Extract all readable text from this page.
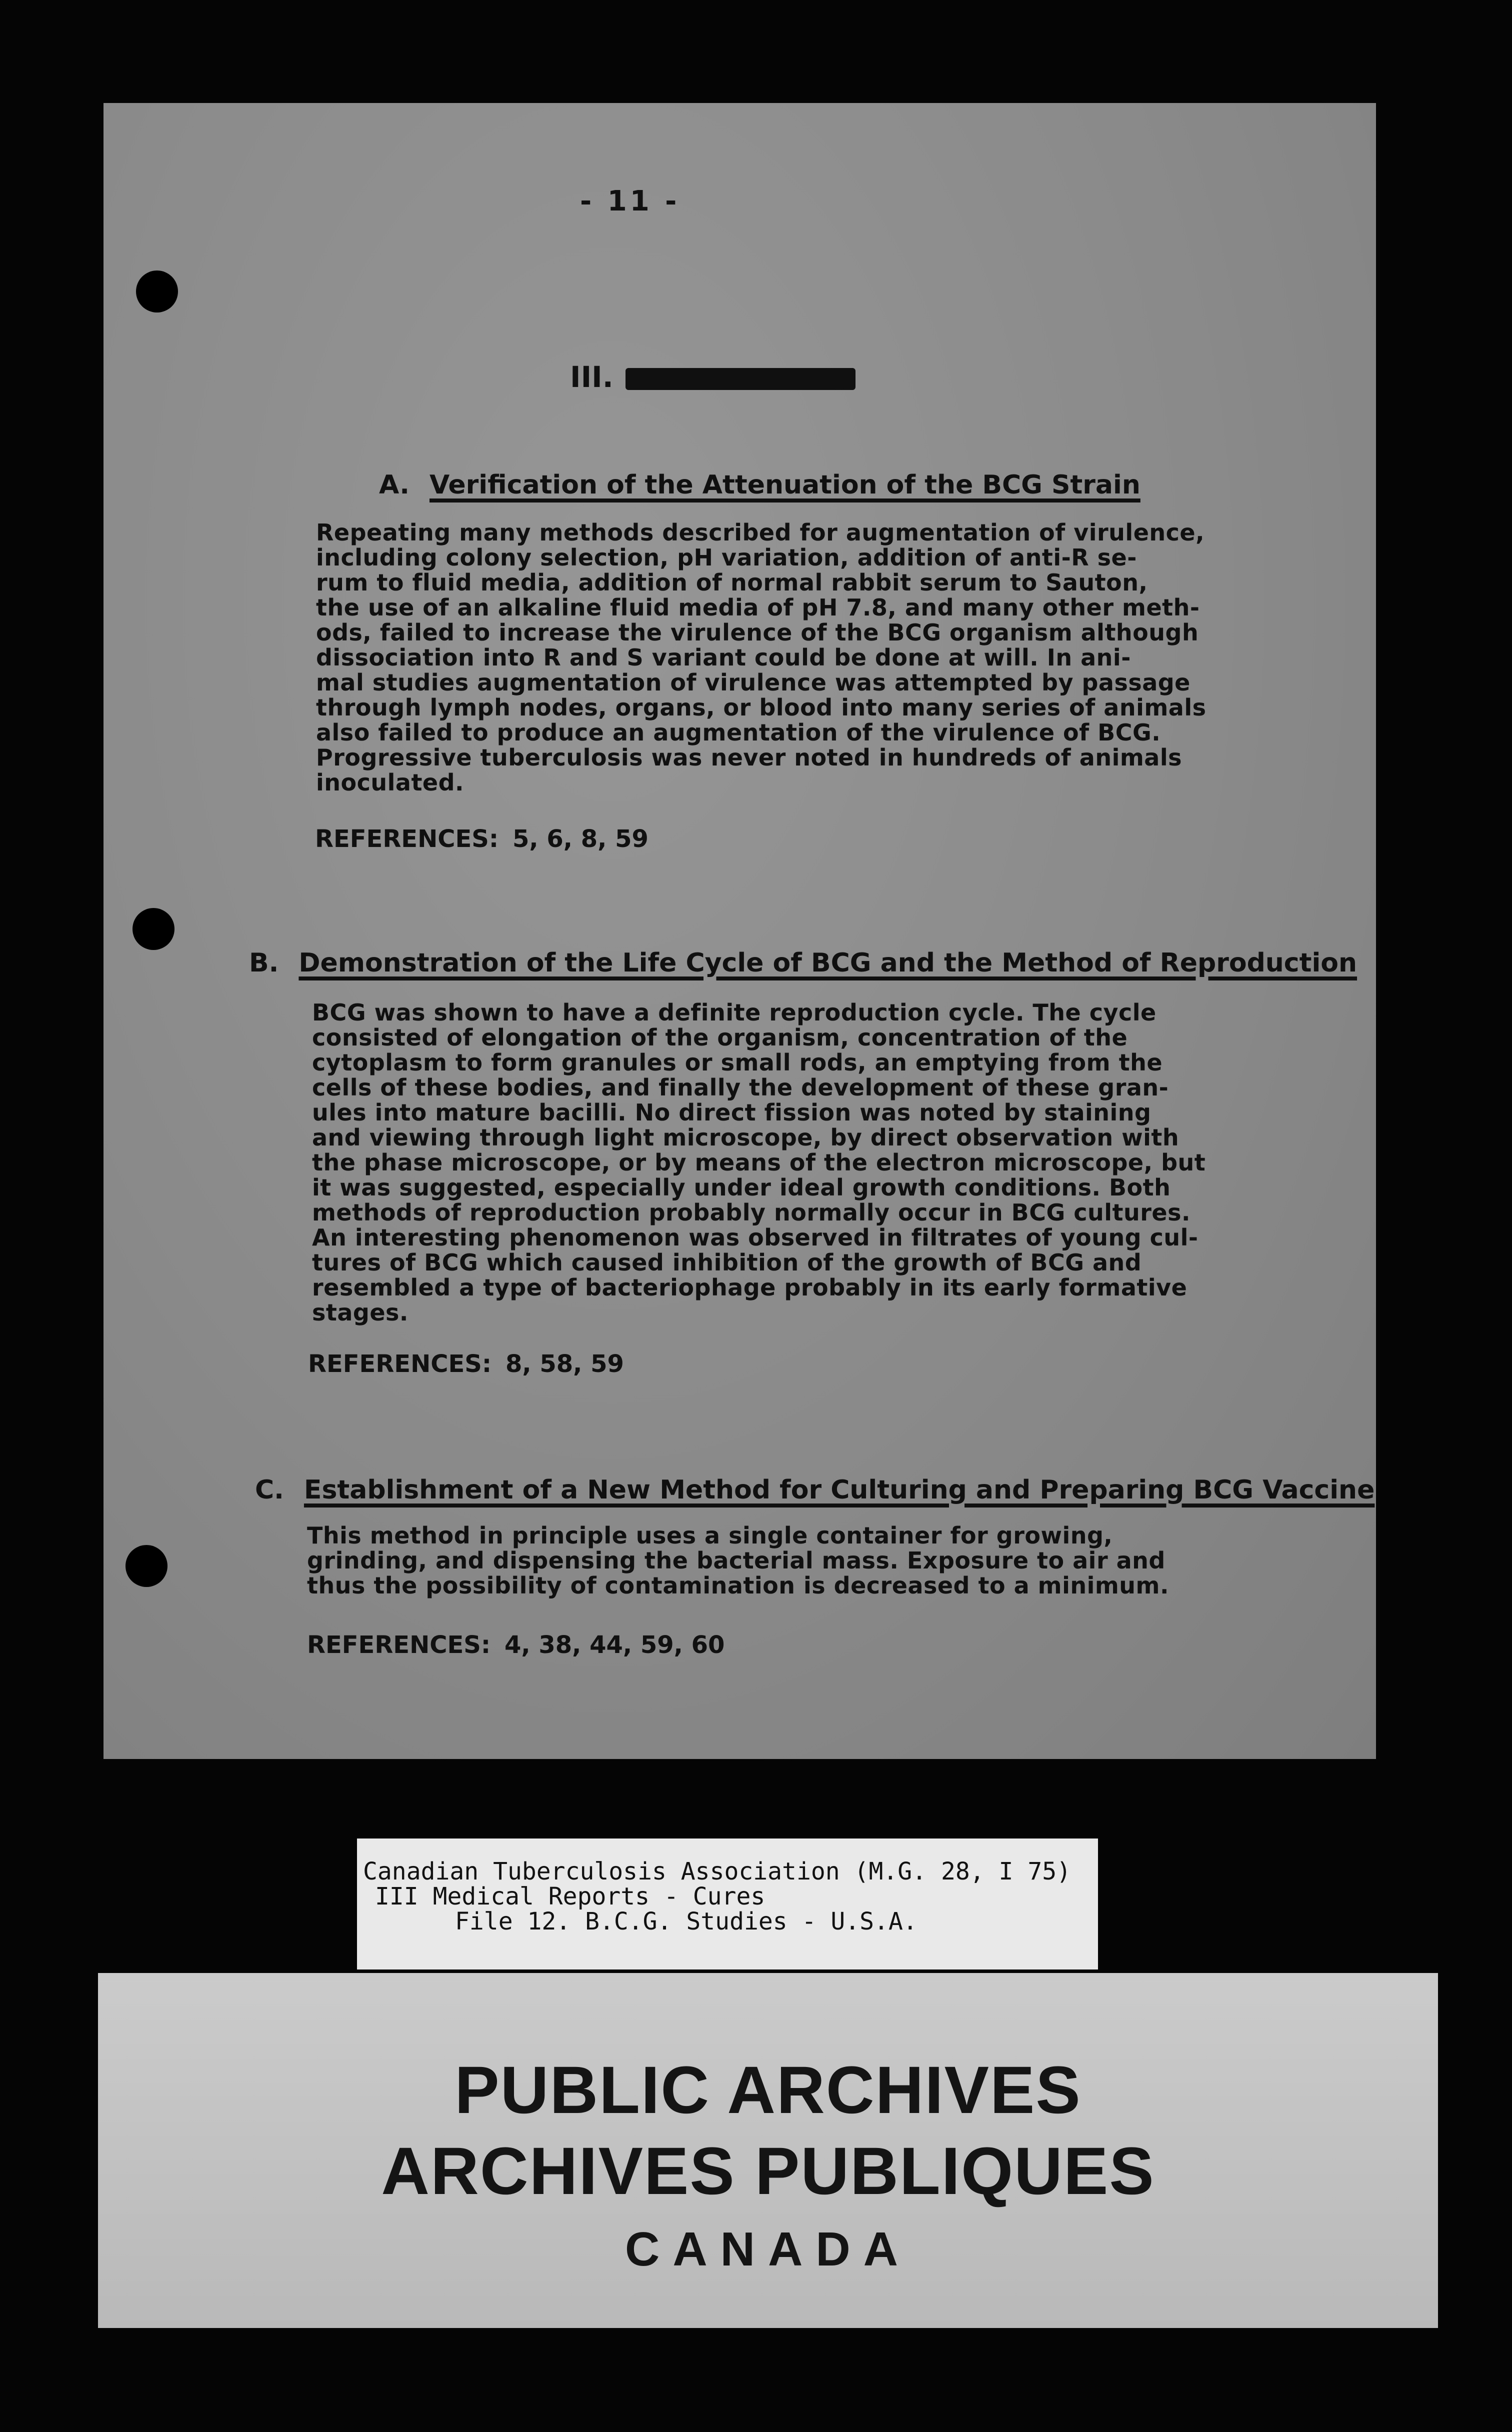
- 11 -
III.
A. Verification of the Attenuation of the BCG Strain
Repeating many methods described for augmentation of virulence,
including colony selection, pH variation, addition of anti-R se-
rum to fluid media, addition of normal rabbit serum to Sauton,
the use of an alkaline fluid media of pH 7.8, and many other meth-
ods, failed to increase the virulence of the BCG organism although
dissociation into R and S variant could be done at will. In ani-
mal studies augmentation of virulence was attempted by passage
through lymph nodes, organs, or blood into many series of animals
also failed to produce an augmentation of the virulence of BCG.
Progressive tuberculosis was never noted in hundreds of animals
inoculated.
REFERENCES: 5, 6, 8, 59
B. Demonstration of the Life Cycle of BCG and the Method of Reproduction
BCG was shown to have a definite reproduction cycle. The cycle
consisted of elongation of the organism, concentration of the
cytoplasm to form granules or small rods, an emptying from the
cells of these bodies, and finally the development of these gran-
ules into mature bacilli. No direct fission was noted by staining
and viewing through light microscope, by direct observation with
the phase microscope, or by means of the electron microscope, but
it was suggested, especially under ideal growth conditions. Both
methods of reproduction probably normally occur in BCG cultures.
An interesting phenomenon was observed in filtrates of young cul-
tures of BCG which caused inhibition of the growth of BCG and
resembled a type of bacteriophage probably in its early formative
stages.
REFERENCES: 8, 58, 59
C. Establishment of a New Method for Culturing and Preparing BCG Vaccine
This method in principle uses a single container for growing,
grinding, and dispensing the bacterial mass. Exposure to air and
thus the possibility of contamination is decreased to a minimum.
REFERENCES: 4, 38, 44, 59, 60
Canadian Tuberculosis Association (M.G. 28, I 75)
III Medical Reports - Cures
File 12. B.C.G. Studies - U.S.A.
PUBLIC ARCHIVES
ARCHIVES PUBLIQUES
CANADA
